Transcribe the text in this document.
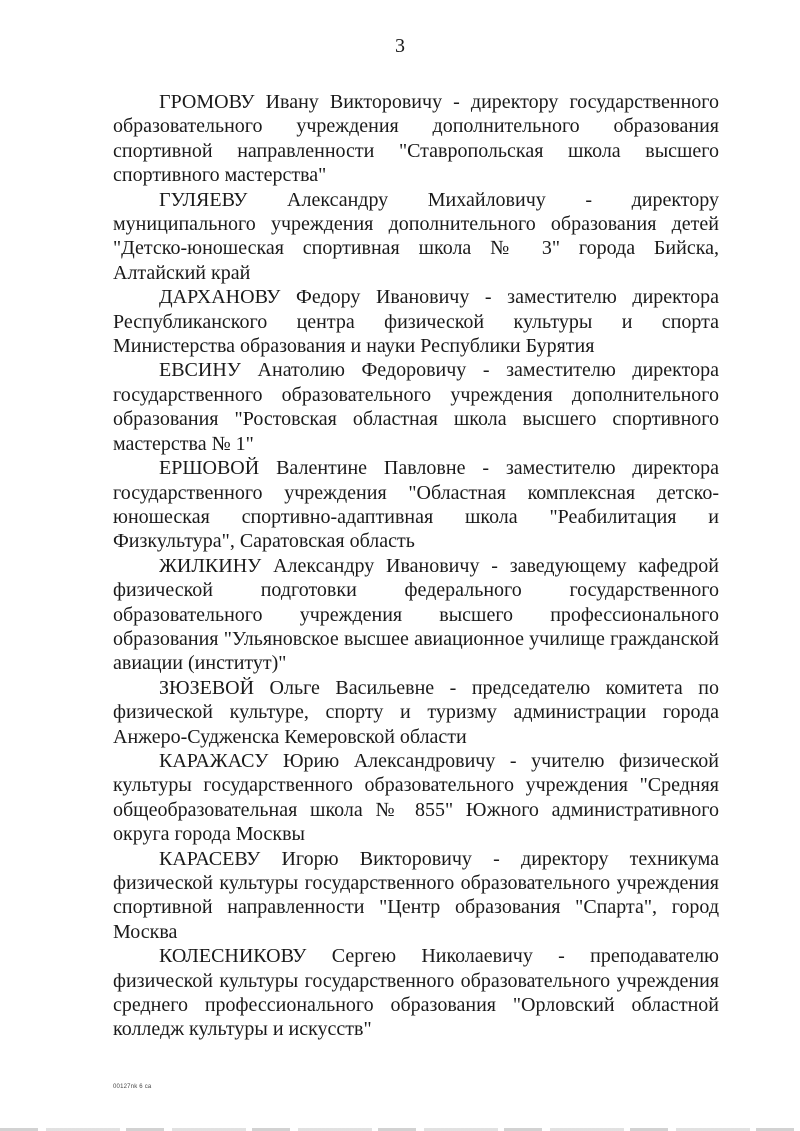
3

ГРОМОВУ Ивану Викторовичу - директору государственного образовательного учреждения дополнительного образования спортивной направленности "Ставропольская школа высшего спортивного мастерства"

ГУЛЯЕВУ Александру Михайловичу - директору муниципального учреждения дополнительного образования детей "Детско-юношеская спортивная школа № 3" города Бийска, Алтайский край

ДАРХАНОВУ Федору Ивановичу - заместителю директора Республиканского центра физической культуры и спорта Министерства образования и науки Республики Бурятия

ЕВСИНУ Анатолию Федоровичу - заместителю директора государственного образовательного учреждения дополнительного образования "Ростовская областная школа высшего спортивного мастерства № 1"

ЕРШОВОЙ Валентине Павловне - заместителю директора государственного учреждения "Областная комплексная детско-юношеская спортивно-адаптивная школа "Реабилитация и Физкультура", Саратовская область

ЖИЛКИНУ Александру Ивановичу - заведующему кафедрой физической подготовки федерального государственного образовательного учреждения высшего профессионального образования "Ульяновское высшее авиационное училище гражданской авиации (институт)"

ЗЮЗЕВОЙ Ольге Васильевне - председателю комитета по физической культуре, спорту и туризму администрации города Анжеро-Судженска Кемеровской области

КАРАЖАСУ Юрию Александровичу - учителю физической культуры государственного образовательного учреждения "Средняя общеобразовательная школа № 855" Южного административного округа города Москвы

КАРАСЕВУ Игорю Викторовичу - директору техникума физической культуры государственного образовательного учреждения спортивной направленности "Центр образования "Спарта", город Москва

КОЛЕСНИКОВУ Сергею Николаевичу - преподавателю физической культуры государственного образовательного учреждения среднего профессионального образования "Орловский областной колледж культуры и искусств"

00127nk 6 ca
